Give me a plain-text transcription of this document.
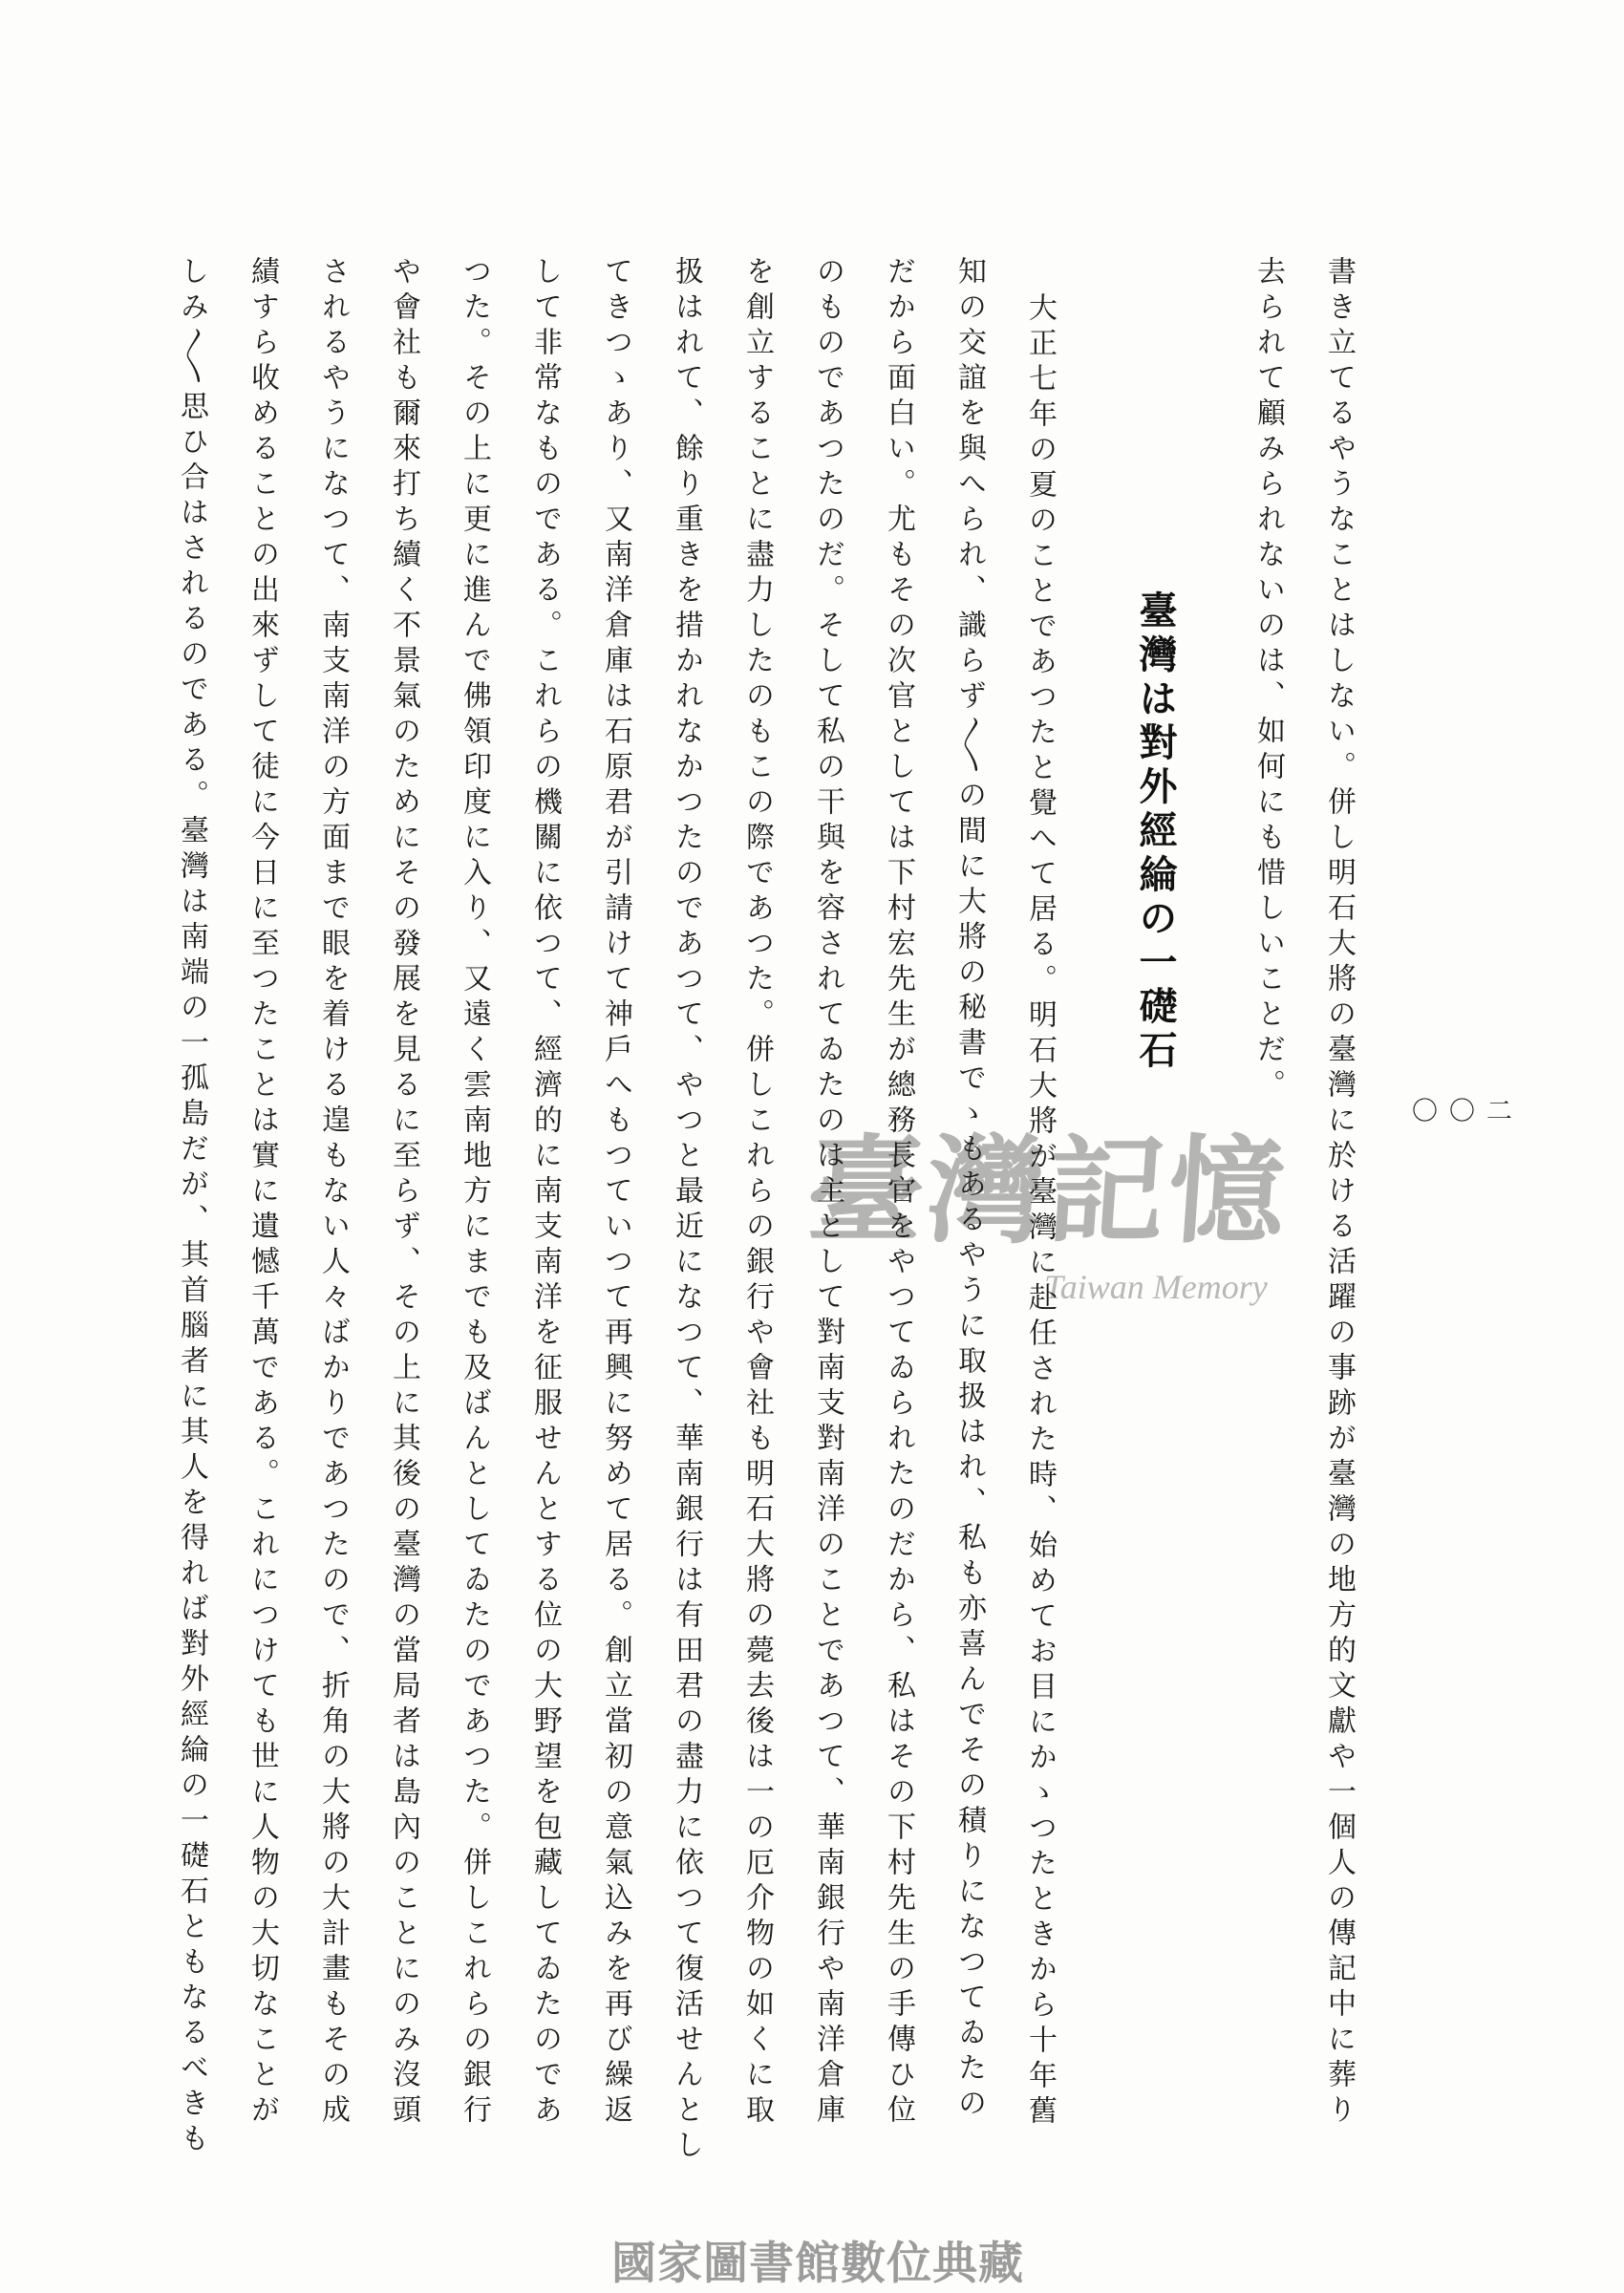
臺灣記憶
Taiwan Memory 書き立てるやうなことはしない。併し明石大將の臺灣に於ける活躍の事跡が臺灣の地方的文獻や一個人の傳記中に葬り
去られて顧みられないのは、如何にも惜しいことだ。
臺灣は對外經綸の一礎石
大正七年の夏のことであつたと覺へて居る。明石大將が臺灣に赴任された時、始めてお目にかゝつたときから十年舊
知の交誼を與へられ、識らず〳〵の間に大將の秘書でゝもあるやうに取扱はれ、私も亦喜んでその積りになつてゐたの
だから面白い。尤もその次官としては下村宏先生が總務長官をやつてゐられたのだから、私はその下村先生の手傳ひ位
のものであつたのだ。そして私の干與を容されてゐたのは主として對南支對南洋のことであつて、華南銀行や南洋倉庫
を創立することに盡力したのもこの際であつた。併しこれらの銀行や會社も明石大將の薨去後は一の厄介物の如くに取
扱はれて、餘り重きを措かれなかつたのであつて、やつと最近になつて、華南銀行は有田君の盡力に依つて復活せんとし
てきつゝあり、又南洋倉庫は石原君が引請けて神戶へもつていつて再興に努めて居る。創立當初の意氣込みを再び繰返
して非常なものである。これらの機關に依つて、經濟的に南支南洋を征服せんとする位の大野望を包藏してゐたのであ
つた。その上に更に進んで佛領印度に入り、又遠く雲南地方にまでも及ばんとしてゐたのであつた。併しこれらの銀行
や會社も爾來打ち續く不景氣のためにその發展を見るに至らず、その上に其後の臺灣の當局者は島內のことにのみ沒頭
されるやうになつて、南支南洋の方面まで眼を着ける遑もない人々ばかりであつたので、折角の大將の大計畫もその成
績すら收めることの出來ずして徒に今日に至つたことは實に遺憾千萬である。これにつけても世に人物の大切なことが
しみ〳〵思ひ合はされるのである。臺灣は南端の一孤島だが、其首腦者に其人を得れば對外經綸の一礎石ともなるべきも	二〇〇
國家圖書館數位典藏
